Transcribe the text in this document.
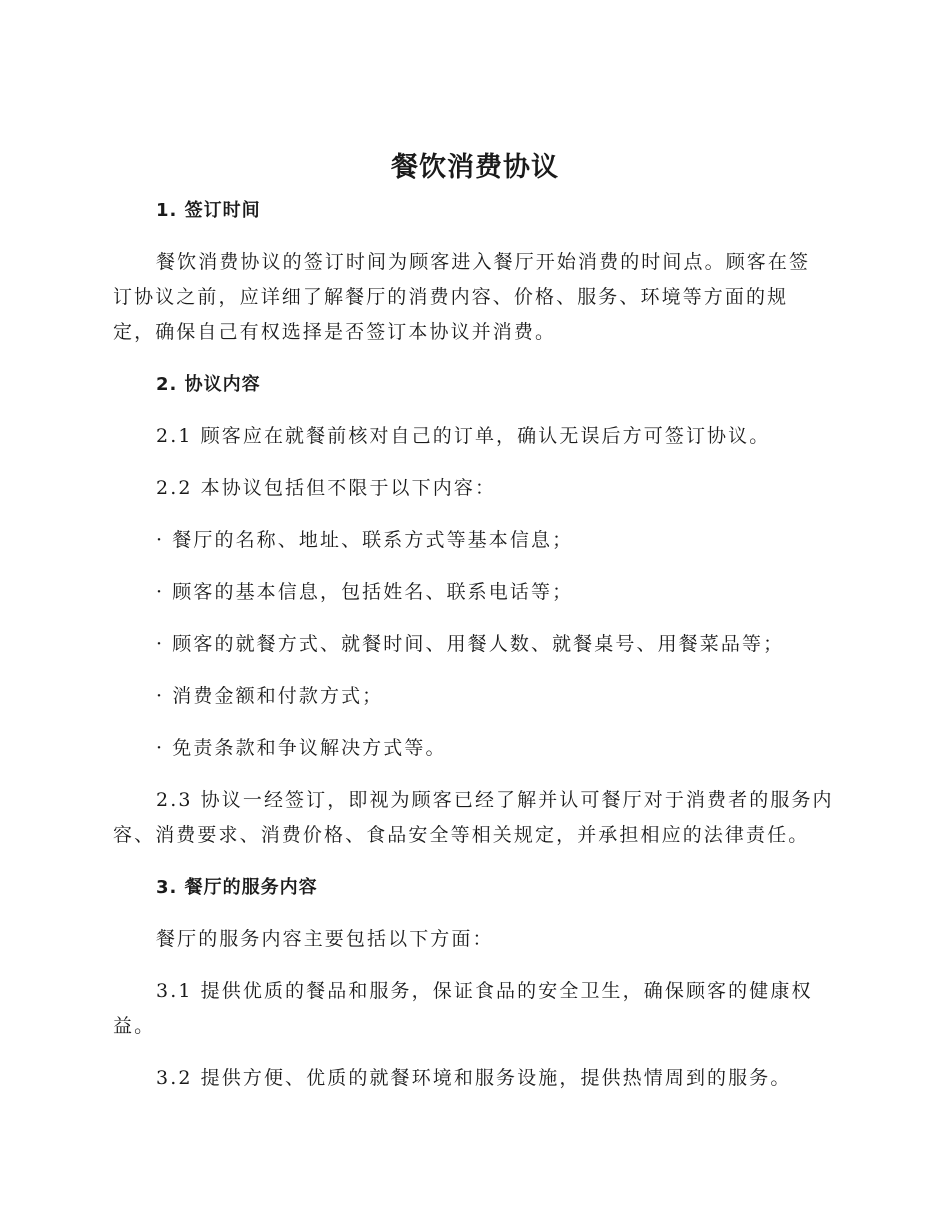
餐饮消费协议

1. 签订时间

餐饮消费协议的签订时间为顾客进入餐厅开始消费的时间点。顾客在签

订协议之前，应详细了解餐厅的消费内容、价格、服务、环境等方面的规

定，确保自己有权选择是否签订本协议并消费。

2. 协议内容

2.1 顾客应在就餐前核对自己的订单，确认无误后方可签订协议。

2.2 本协议包括但不限于以下内容：

· 餐厅的名称、地址、联系方式等基本信息；

· 顾客的基本信息，包括姓名、联系电话等；

· 顾客的就餐方式、就餐时间、用餐人数、就餐桌号、用餐菜品等；

· 消费金额和付款方式；

· 免责条款和争议解决方式等。

2.3 协议一经签订，即视为顾客已经了解并认可餐厅对于消费者的服务内

容、消费要求、消费价格、食品安全等相关规定，并承担相应的法律责任。

3. 餐厅的服务内容

餐厅的服务内容主要包括以下方面：

3.1 提供优质的餐品和服务，保证食品的安全卫生，确保顾客的健康权

益。

3.2 提供方便、优质的就餐环境和服务设施，提供热情周到的服务。
